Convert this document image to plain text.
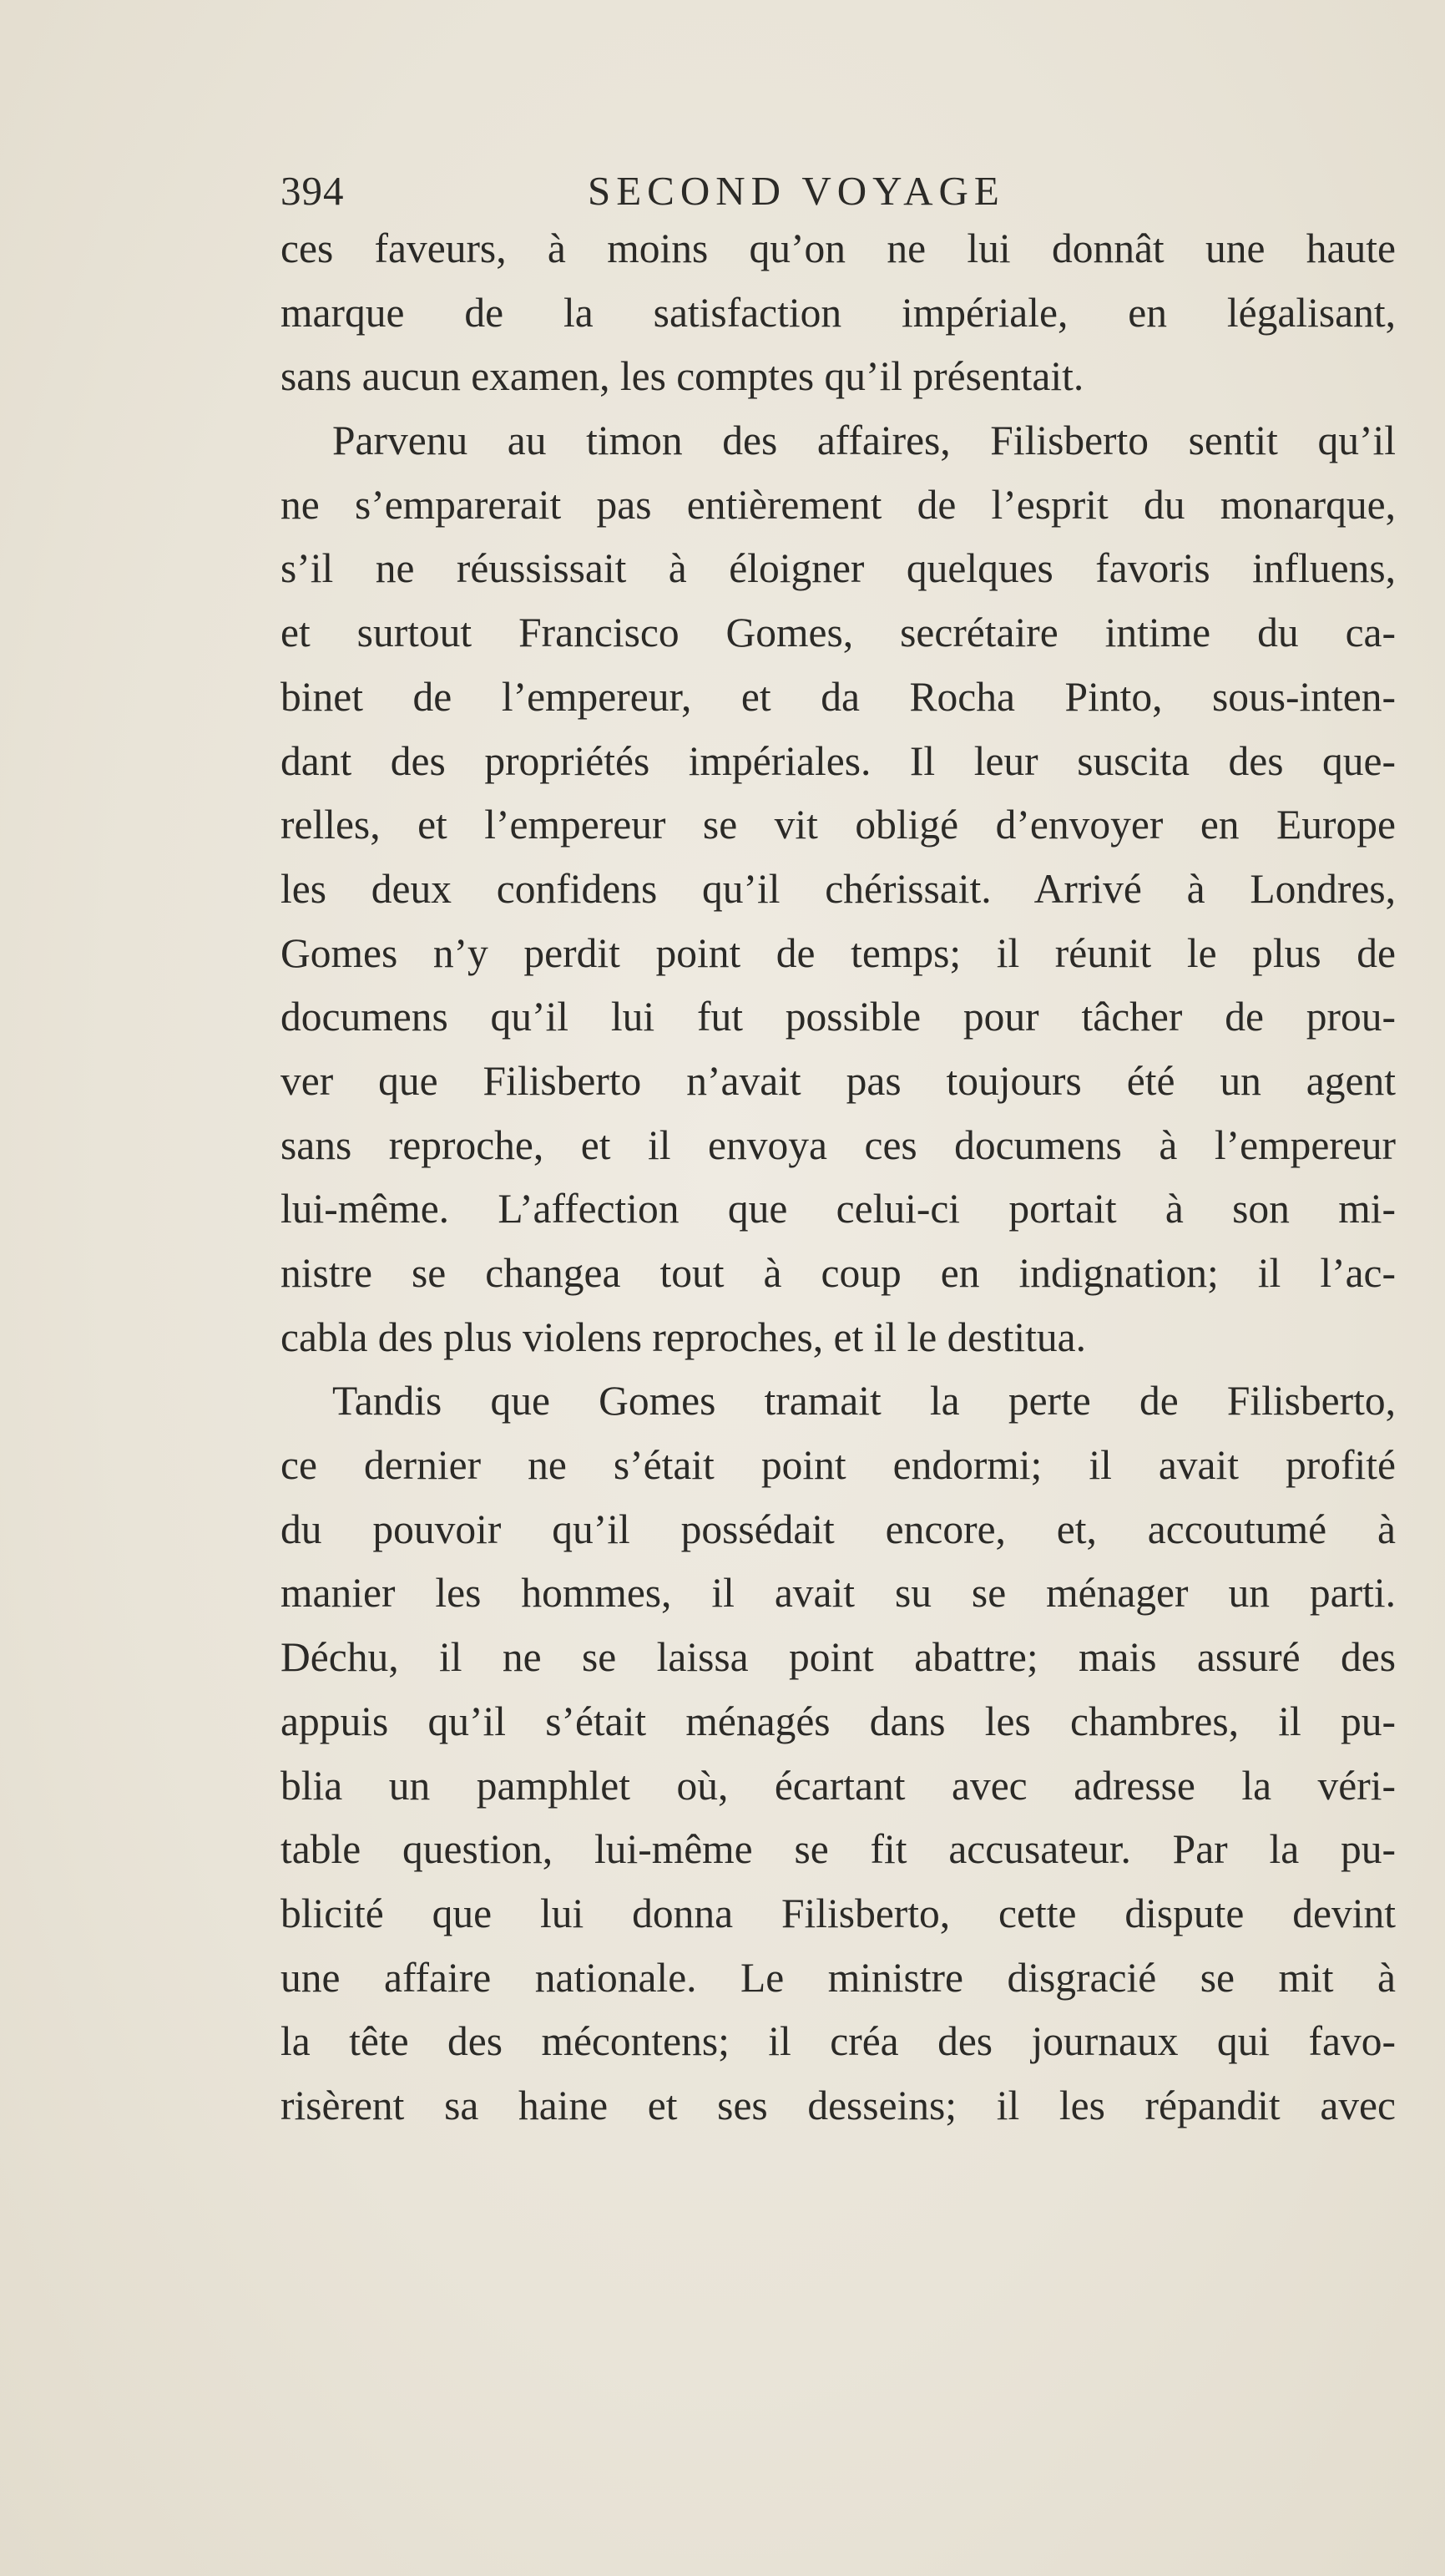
394	SECOND VOYAGE
ces faveurs, à moins qu’on ne lui donnât une haute
marque de la satisfaction impériale, en légalisant,
sans aucun examen, les comptes qu’il présentait.
Parvenu au timon des affaires, Filisberto sentit qu’il
ne s’emparerait pas entièrement de l’esprit du monarque,
s’il ne réussissait à éloigner quelques favoris influens,
et surtout Francisco Gomes, secrétaire intime du ca-
binet de l’empereur, et da Rocha Pinto, sous-inten-
dant des propriétés impériales. Il leur suscita des que-
relles, et l’empereur se vit obligé d’envoyer en Europe
les deux confidens qu’il chérissait. Arrivé à Londres,
Gomes n’y perdit point de temps; il réunit le plus de
documens qu’il lui fut possible pour tâcher de prou-
ver que Filisberto n’avait pas toujours été un agent
sans reproche, et il envoya ces documens à l’empereur
lui-même. L’affection que celui-ci portait à son mi-
nistre se changea tout à coup en indignation; il l’ac-
cabla des plus violens reproches, et il le destitua.
Tandis que Gomes tramait la perte de Filisberto,
ce dernier ne s’était point endormi; il avait profité
du pouvoir qu’il possédait encore, et, accoutumé à
manier les hommes, il avait su se ménager un parti.
Déchu, il ne se laissa point abattre; mais assuré des
appuis qu’il s’était ménagés dans les chambres, il pu-
blia un pamphlet où, écartant avec adresse la véri-
table question, lui-même se fit accusateur. Par la pu-
blicité que lui donna Filisberto, cette dispute devint
une affaire nationale. Le ministre disgracié se mit à
la tête des mécontens; il créa des journaux qui favo-
risèrent sa haine et ses desseins; il les répandit avec
